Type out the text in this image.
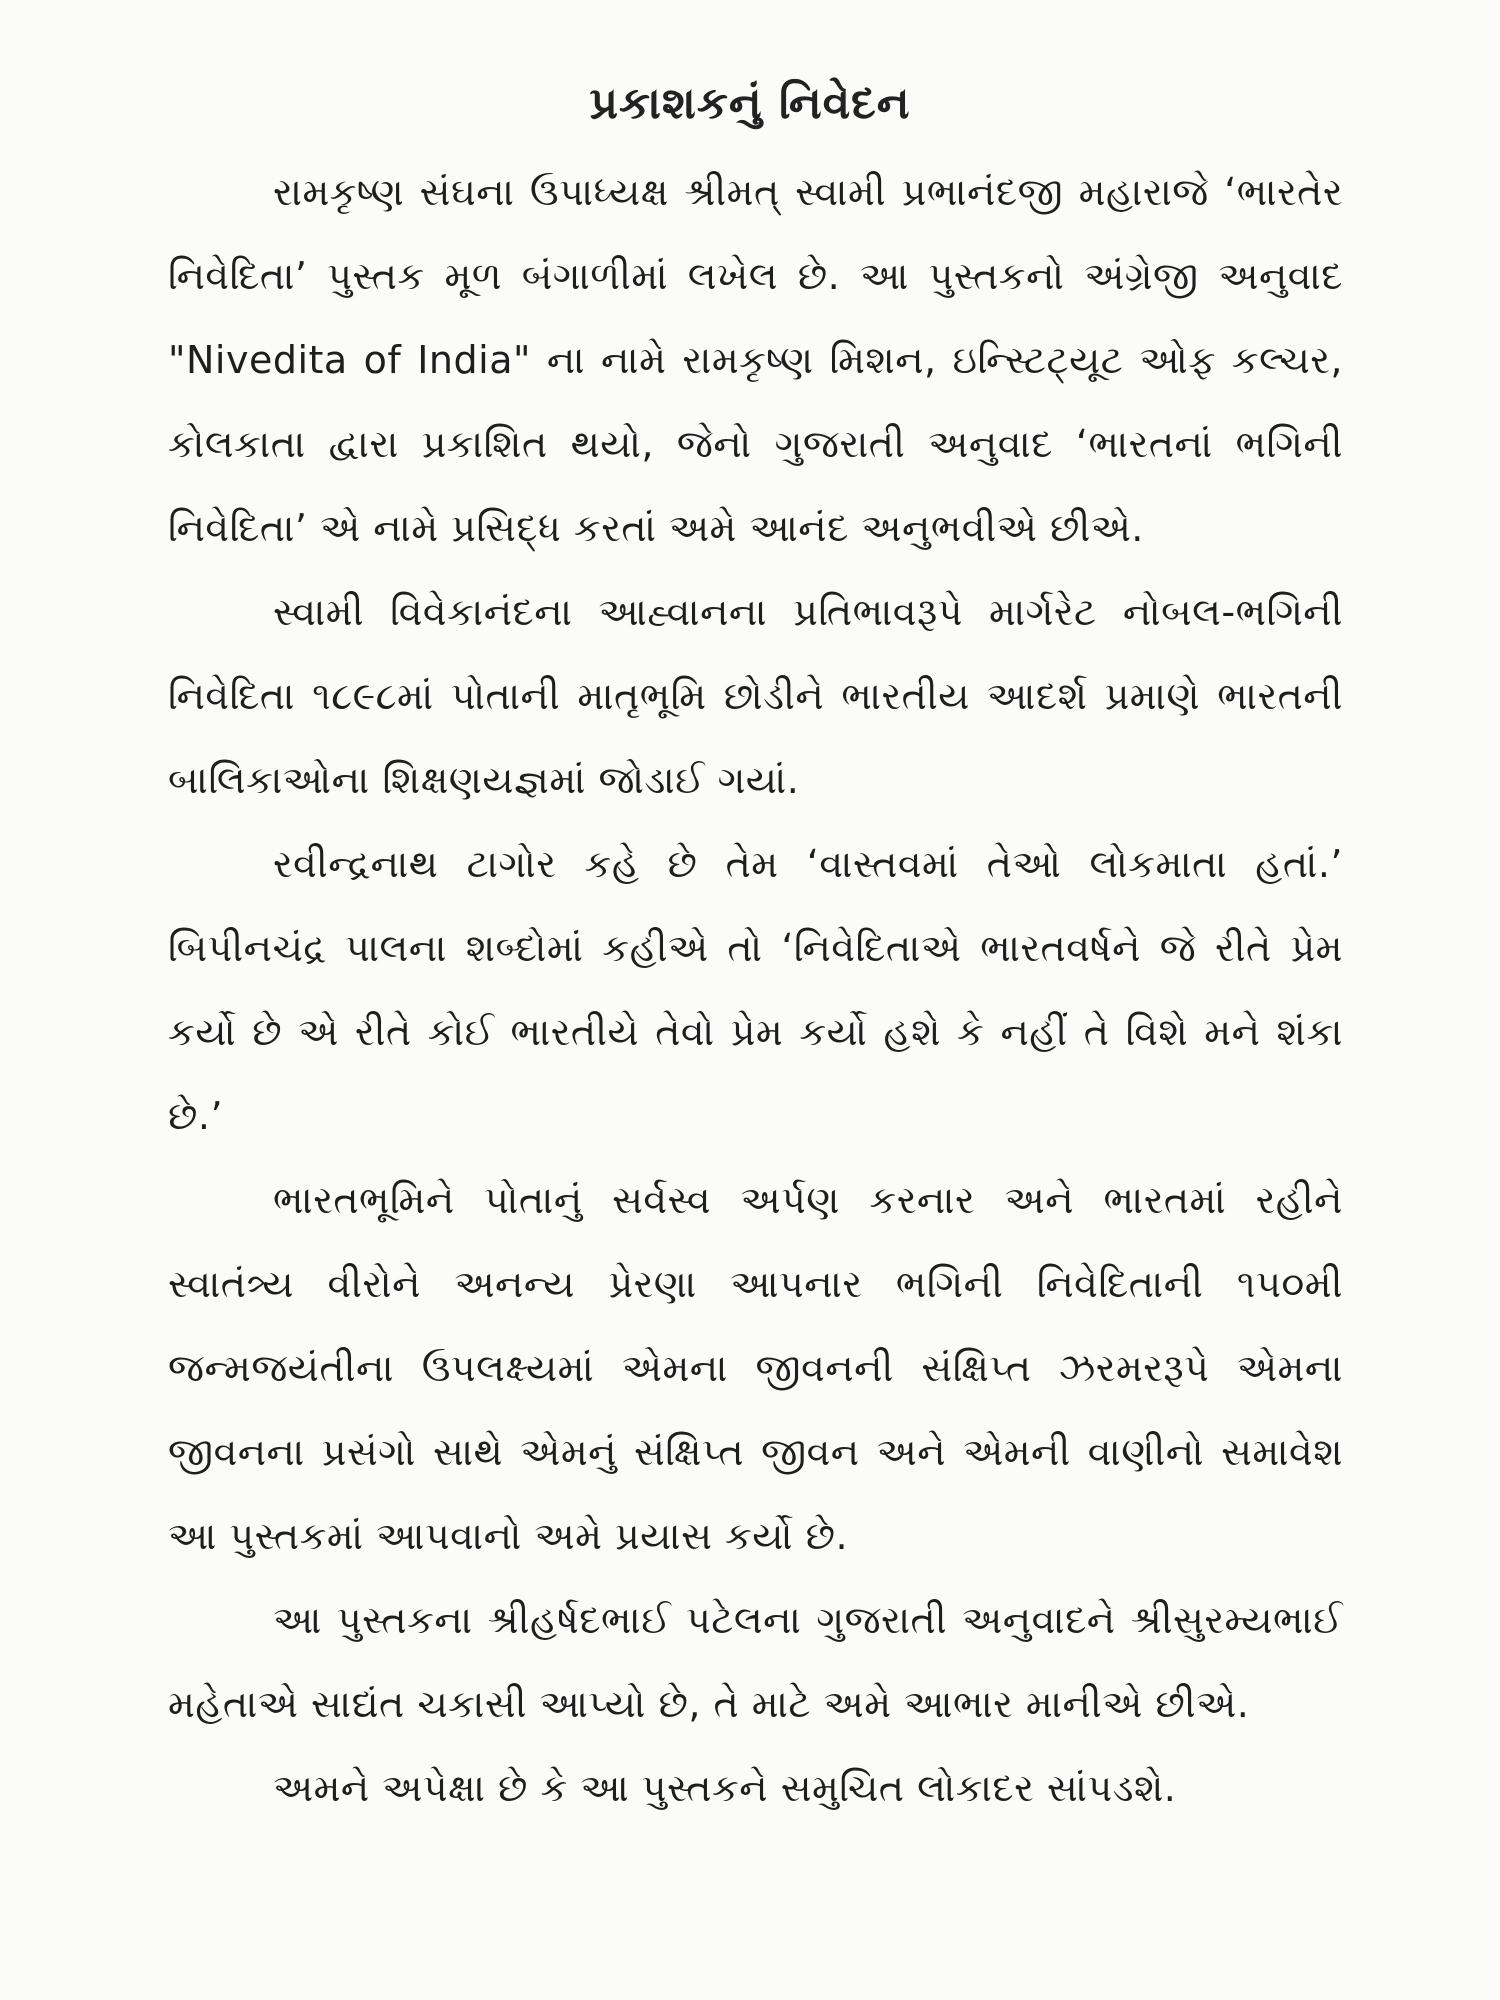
પ્રકાશકનું નિવેદન

રામકૃષ્ણ સંઘના ઉપાધ્યક્ષ શ્રીમત્ સ્વામી પ્રભાનંદજી મહારાજે ‘ભારતેર નિવેદિતા’ પુસ્તક મૂળ બંગાળીમાં લખેલ છે. આ પુસ્તકનો અંગ્રેજી અનુવાદ "Nivedita of India" ના નામે રામકૃષ્ણ મિશન, ઇન્સ્ટિટ્યૂટ ઓફ કલ્ચર, કોલકાતા દ્વારા પ્રકાશિત થયો, જેનો ગુજરાતી અનુવાદ ‘ભારતનાં ભગિની નિવેદિતા’ એ નામે પ્રસિદ્ધ કરતાં અમે આનંદ અનુભવીએ છીએ.

સ્વામી વિવેકાનંદના આહ્વાનના પ્રતિભાવરૂપે માર્ગરેટ નોબલ-ભગિની નિવેદિતા ૧૮૯૮માં પોતાની માતૃભૂમિ છોડીને ભારતીય આદર્શ પ્રમાણે ભારતની બાલિકાઓના શિક્ષણયજ્ઞમાં જોડાઈ ગયાં.

રવીન્દ્રનાથ ટાગોર કહે છે તેમ ‘વાસ્તવમાં તેઓ લોકમાતા હતાં.’ બિપીનચંદ્ર પાલના શબ્દોમાં કહીએ તો ‘નિવેદિતાએ ભારતવર્ષને જે રીતે પ્રેમ કર્યો છે એ રીતે કોઈ ભારતીયે તેવો પ્રેમ કર્યો હશે કે નહીં તે વિશે મને શંકા છે.’

ભારતભૂમિને પોતાનું સર્વસ્વ અર્પણ કરનાર અને ભારતમાં રહીને સ્વાતંત્ર્ય વીરોને અનન્ય પ્રેરણા આપનાર ભગિની નિવેદિતાની ૧૫૦મી જન્મજયંતીના ઉપલક્ષ્યમાં એમના જીવનની સંક્ષિપ્ત ઝરમરરૂપે એમના જીવનના પ્રસંગો સાથે એમનું સંક્ષિપ્ત જીવન અને એમની વાણીનો સમાવેશ આ પુસ્તકમાં આપવાનો અમે પ્રયાસ કર્યો છે.

આ પુસ્તકના શ્રીહર્ષદભાઈ પટેલના ગુજરાતી અનુવાદને શ્રીસુરમ્યભાઈ મહેતાએ સાદ્યંત ચકાસી આપ્યો છે, તે માટે અમે આભાર માનીએ છીએ.

અમને અપેક્ષા છે કે આ પુસ્તકને સમુચિત લોકાદર સાંપડશે.
